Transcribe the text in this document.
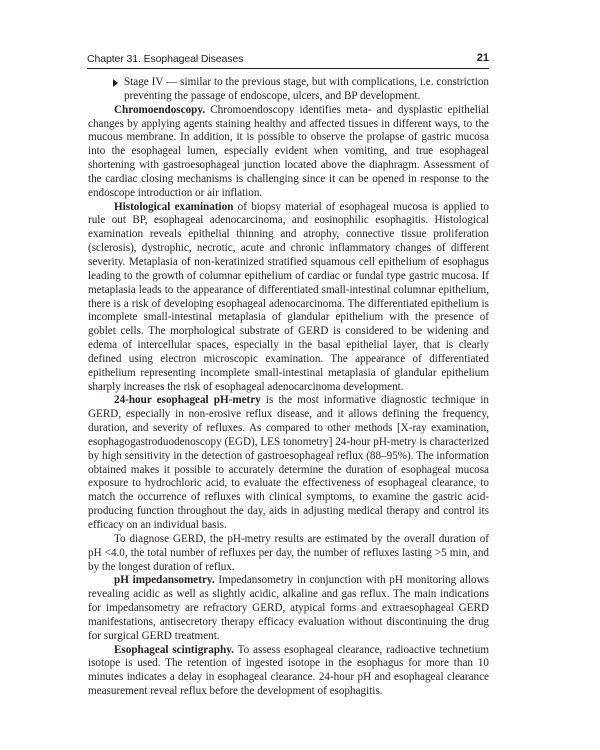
Chapter 31. Esophageal Diseases	21

Stage IV — similar to the previous stage, but with complications, i.e. constriction preventing the passage of endoscope, ulcers, and BP development.

Chromoendoscopy. Chromoendoscopy identifies meta- and dysplastic epithelial changes by applying agents staining healthy and affected tissues in different ways, to the mucous membrane. In addition, it is possible to observe the prolapse of gastric mucosa into the esophageal lumen, especially evident when vomiting, and true esophageal shortening with gastroesophageal junction located above the diaphragm. Assessment of the cardiac closing mechanisms is challenging since it can be opened in response to the endoscope introduction or air inflation.

Histological examination of biopsy material of esophageal mucosa is applied to rule out BP, esophageal adenocarcinoma, and eosinophilic esophagitis. Histological examination reveals epithelial thinning and atrophy, connective tissue proliferation (sclerosis), dystrophic, necrotic, acute and chronic inflammatory changes of different severity. Metaplasia of non-keratinized stratified squamous cell epithelium of esophagus leading to the growth of columnar epithelium of cardiac or fundal type gastric mucosa. If metaplasia leads to the appearance of differentiated small-intestinal columnar epithelium, there is a risk of developing esophageal adenocarcinoma. The differentiated epithelium is incomplete small-intestinal metaplasia of glandular epithelium with the presence of goblet cells. The morphological substrate of GERD is considered to be widening and edema of intercellular spaces, especially in the basal epithelial layer, that is clearly defined using electron microscopic examination. The appearance of differentiated epithelium representing incomplete small-intestinal metaplasia of glandular epithelium sharply increases the risk of esophageal adenocarcinoma development.

24-hour esophageal pH-metry is the most informative diagnostic technique in GERD, especially in non-erosive reflux disease, and it allows defining the frequency, duration, and severity of refluxes. As compared to other methods [X-ray examination, esophagogastroduodenoscopy (EGD), LES tonometry] 24-hour pH-metry is characterized by high sensitivity in the detection of gastroesophageal reflux (88–95%). The information obtained makes it possible to accurately determine the duration of esophageal mucosa exposure to hydrochloric acid, to evaluate the effectiveness of esophageal clearance, to match the occurrence of refluxes with clinical symptoms, to examine the gastric acid-producing function throughout the day, aids in adjusting medical therapy and control its efficacy on an individual basis.

To diagnose GERD, the pH-metry results are estimated by the overall duration of pH <4.0, the total number of refluxes per day, the number of refluxes lasting >5 min, and by the longest duration of reflux.

pH impedansometry. Impedansometry in conjunction with pH monitoring allows revealing acidic as well as slightly acidic, alkaline and gas reflux. The main indications for impedansometry are refractory GERD, atypical forms and extraesophageal GERD manifestations, antisecretory therapy efficacy evaluation without discontinuing the drug for surgical GERD treatment.

Esophageal scintigraphy. To assess esophageal clearance, radioactive technetium isotope is used. The retention of ingested isotope in the esophagus for more than 10 minutes indicates a delay in esophageal clearance. 24-hour pH and esophageal clearance measurement reveal reflux before the development of esophagitis.
